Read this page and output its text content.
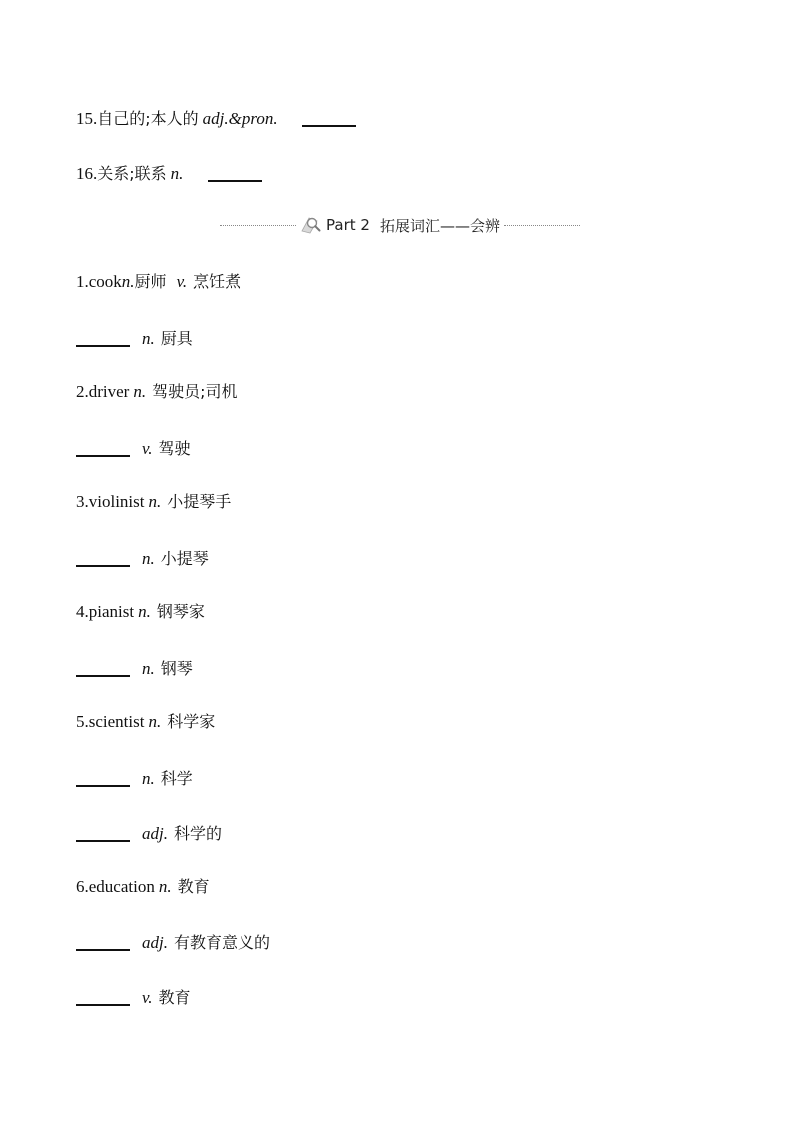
15.自己的;本人的 adj.&pron.
16.关系;联系 n.
Part 2 拓展词汇——会辨
1.cookn.厨师 v. 烹饪煮
n. 厨具
2.driver n. 驾驶员;司机
v. 驾驶
3.violinist n. 小提琴手
n. 小提琴
4.pianist n. 钢琴家
n. 钢琴
5.scientist n. 科学家
n. 科学
adj. 科学的
6.education n. 教育
adj. 有教育意义的
v. 教育
